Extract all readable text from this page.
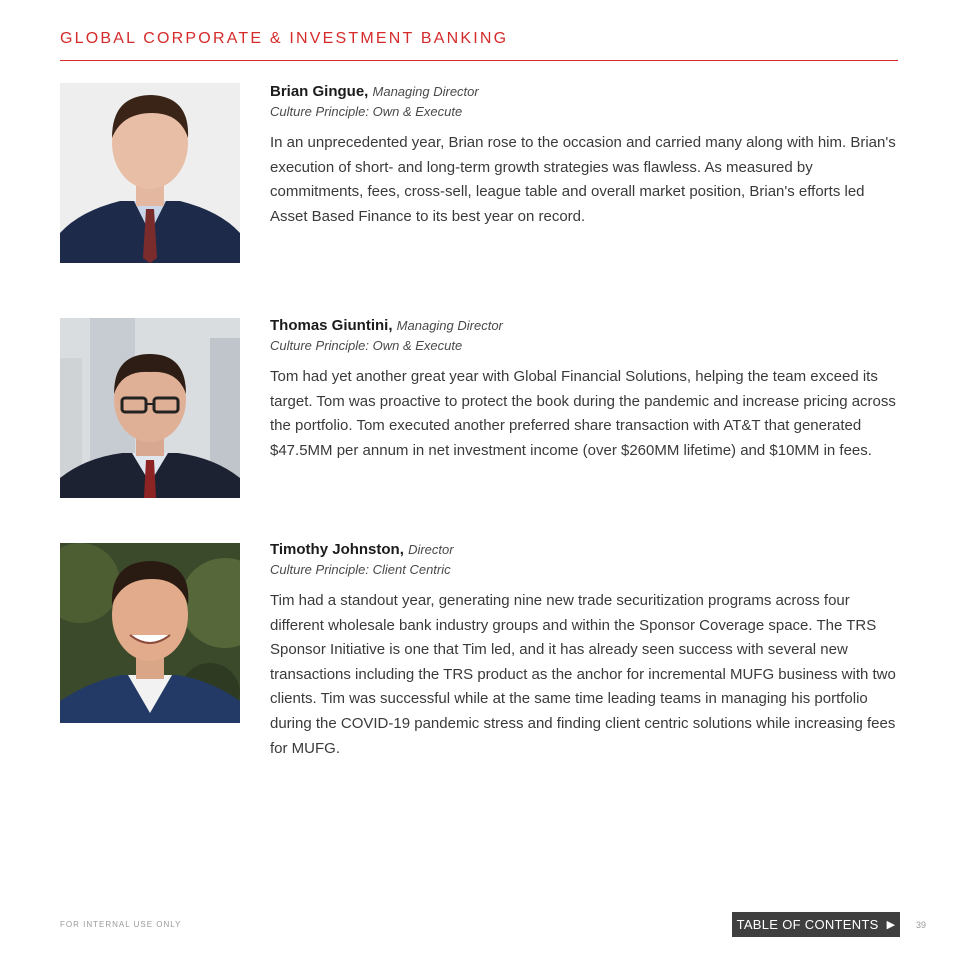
GLOBAL CORPORATE & INVESTMENT BANKING

Brian Gingue, Managing Director

Culture Principle: Own & Execute

In an unprecedented year, Brian rose to the occasion and carried many along with him. Brian's execution of short- and long-term growth strategies was flawless. As measured by commitments, fees, cross-sell, league table and overall market position, Brian's efforts led Asset Based Finance to its best year on record.

Thomas Giuntini, Managing Director

Culture Principle: Own & Execute

Tom had yet another great year with Global Financial Solutions, helping the team exceed its target. Tom was proactive to protect the book during the pandemic and increase pricing across the portfolio. Tom executed another preferred share transaction with AT&T that generated $47.5MM per annum in net investment income (over $260MM lifetime) and $10MM in fees.

Timothy Johnston, Director

Culture Principle: Client Centric

Tim had a standout year, generating nine new trade securitization programs across four different wholesale bank industry groups and within the Sponsor Coverage space. The TRS Sponsor Initiative is one that Tim led, and it has already seen success with several new transactions including the TRS product as the anchor for incremental MUFG business with two clients. Tim was successful while at the same time leading teams in managing his portfolio during the COVID-19 pandemic stress and finding client centric solutions while increasing fees for MUFG.

FOR INTERNAL USE ONLY	TABLE OF CONTENTS ▶ 39
